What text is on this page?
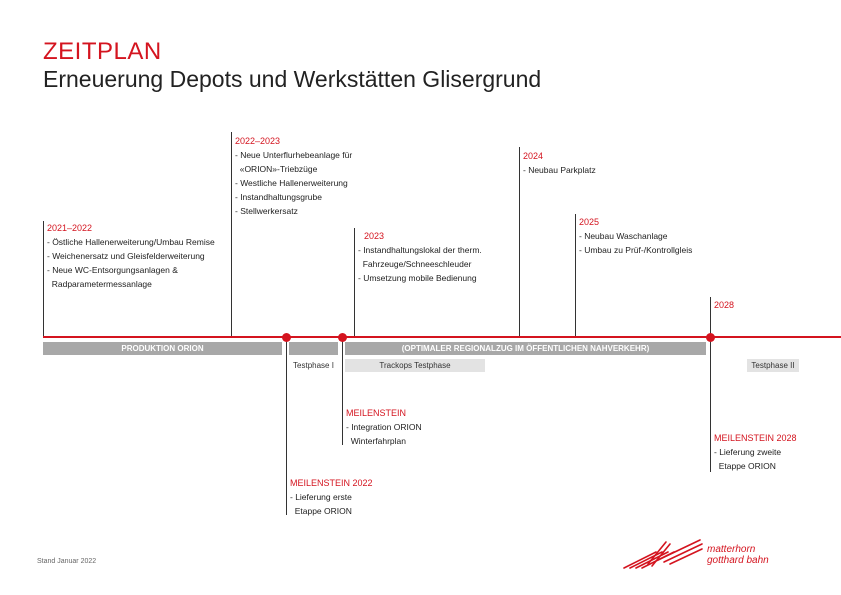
ZEITPLAN
Erneuerung Depots und Werkstätten Glisergrund
2021–2022
- Östliche Hallenerweiterung/Umbau Remise
- Weichenersatz und Gleisfelderweiterung
- Neue WC-Entsorgungsanlagen &
Radparametermessanlage
2022–2023
- Neue Unterflurhebeanlage für
«ORION»-Triebzüge
- Westliche Hallenerweiterung
- Instandhaltungsgrube
- Stellwerkersatz
2023
- Instandhaltungslokal der therm.
Fahrzeuge/Schneeschleuder
- Umsetzung mobile Bedienung
2024
- Neubau Parkplatz
2025
- Neubau Waschanlage
- Umbau zu Prüf-/Kontrollgleis
2028
PRODUKTION ORION	(OPTIMALER REGIONALZUG IM ÖFFENTLICHEN NAHVERKEHR)
Testphase I	Trackops Testphase	Testphase II
MEILENSTEIN
- Integration ORION
Winterfahrplan
MEILENSTEIN 2022
- Lieferung erste
Etappe ORION
MEILENSTEIN 2028
- Lieferung zweite
Etappe ORION
Stand Januar 2022
matterhorn
gotthard bahn
